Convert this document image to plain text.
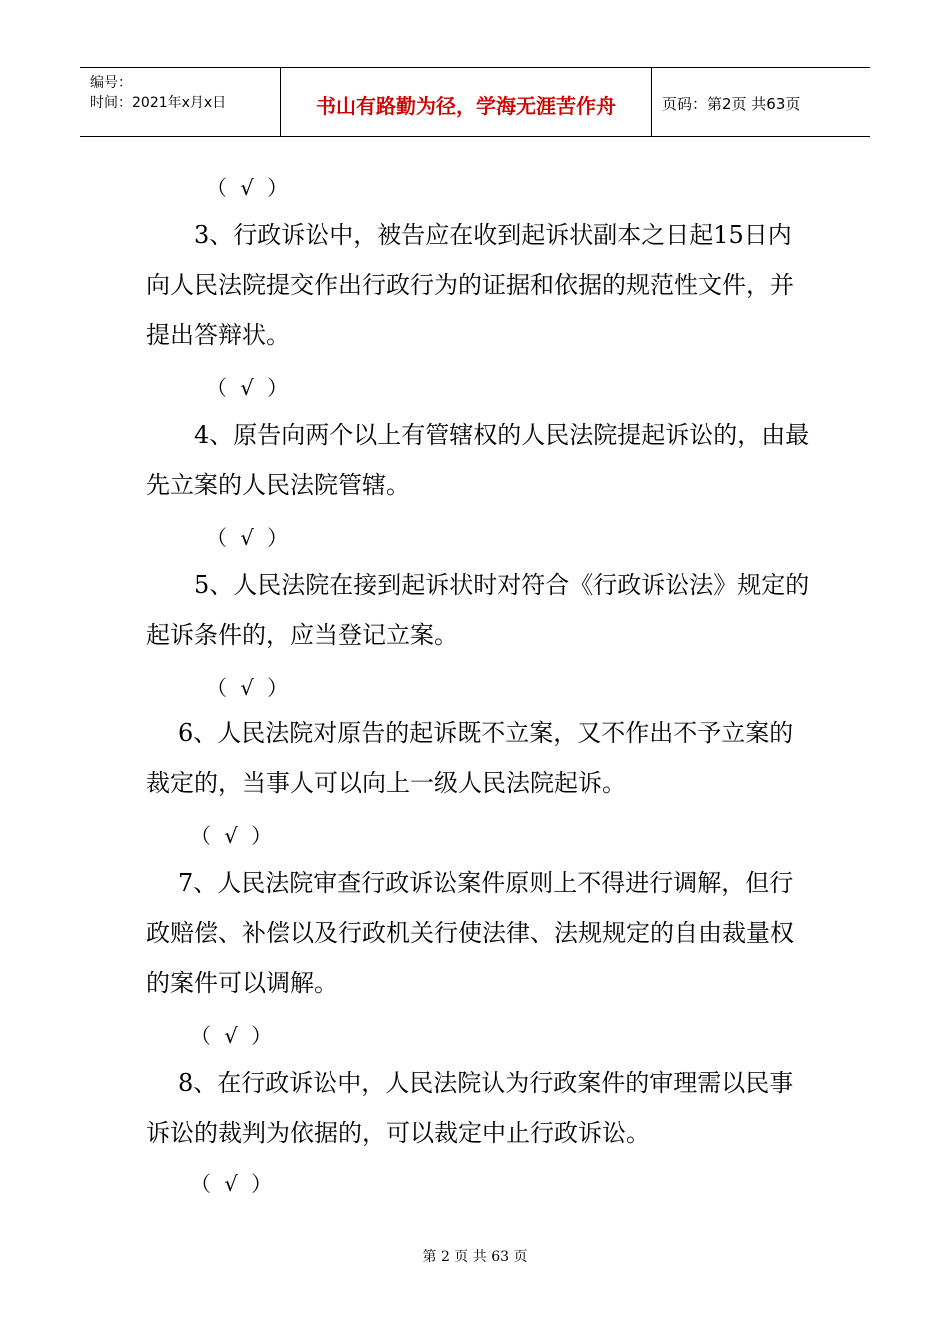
编号：
时间：2021年x月x日	书山有路勤为径，学海无涯苦作舟	页码：第2页 共63页
（  √  ）

3、行政诉讼中，被告应在收到起诉状副本之日起15日内向人民法院提交作出行政行为的证据和依据的规范性文件，并提出答辩状。

（  √  ）

4、原告向两个以上有管辖权的人民法院提起诉讼的，由最先立案的人民法院管辖。

（  √  ）

5、人民法院在接到起诉状时对符合《行政诉讼法》规定的起诉条件的，应当登记立案。

（  √  ）

6、人民法院对原告的起诉既不立案，又不作出不予立案的裁定的，当事人可以向上一级人民法院起诉。

（  √  ）

7、人民法院审查行政诉讼案件原则上不得进行调解，但行政赔偿、补偿以及行政机关行使法律、法规规定的自由裁量权的案件可以调解。

（  √  ）

8、在行政诉讼中，人民法院认为行政案件的审理需以民事诉讼的裁判为依据的，可以裁定中止行政诉讼。

（  √  ）
第 2 页 共 63 页
